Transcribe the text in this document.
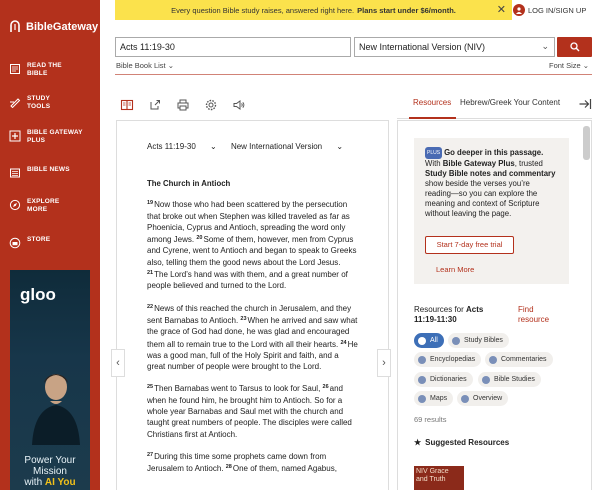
BibleGateway
READ THE BIBLE
STUDY TOOLS
BIBLE GATEWAY PLUS
BIBLE NEWS
EXPLORE MORE
STORE
gloo
Power Your
Mission
with AI You
Every question Bible study raises, answered right here. Plans start under $6/month.	✕	LOG IN/SIGN UP
Acts 11:19-30
New International Version (NIV)	⌄
Bible Book List ⌄	Font Size ⌄
Resources Hebrew/Greek Your Content
Acts 11:19-30 ⌄ New International Version ⌄
The Church in Antioch

$^{19}$Now those who had been scattered by the persecution that broke out when Stephen was killed traveled as far as Phoenicia, Cyprus and Antioch, spreading the word only among Jews. $^{20}$Some of them, however, men from Cyprus and Cyrene, went to Antioch and began to speak to Greeks also, telling them the good news about the Lord Jesus. $^{21}$The Lord’s hand was with them, and a great number of people believed and turned to the Lord.

$^{22}$News of this reached the church in Jerusalem, and they sent Barnabas to Antioch. $^{23}$When he arrived and saw what the grace of God had done, he was glad and encouraged them all to remain true to the Lord with all their hearts. $^{24}$He was a good man, full of the Holy Spirit and faith, and a great number of people were brought to the Lord.

$^{25}$Then Barnabas went to Tarsus to look for Saul, $^{26}$and when he found him, he brought him to Antioch. So for a whole year Barnabas and Saul met with the church and taught great numbers of people. The disciples were called Christians first at Antioch.

$^{27}$During this time some prophets came down from Jerusalem to Antioch. $^{28}$One of them, named Agabus,

‹	›
PLUS Go deeper in this passage.
With Bible Gateway Plus, trusted Study Bible notes and commentary show beside the verses you’re reading—so you can explore the meaning and context of Scripture without leaving the page.
Start 7-day free trial
Learn More
Resources for Acts
11:19-11:30
Find resource
All	Study Bibles
Encyclopedias	Commentaries
Dictionaries	Bible Studies
Maps	Overview
69 results
★ Suggested Resources
NIV Grace and Truth
